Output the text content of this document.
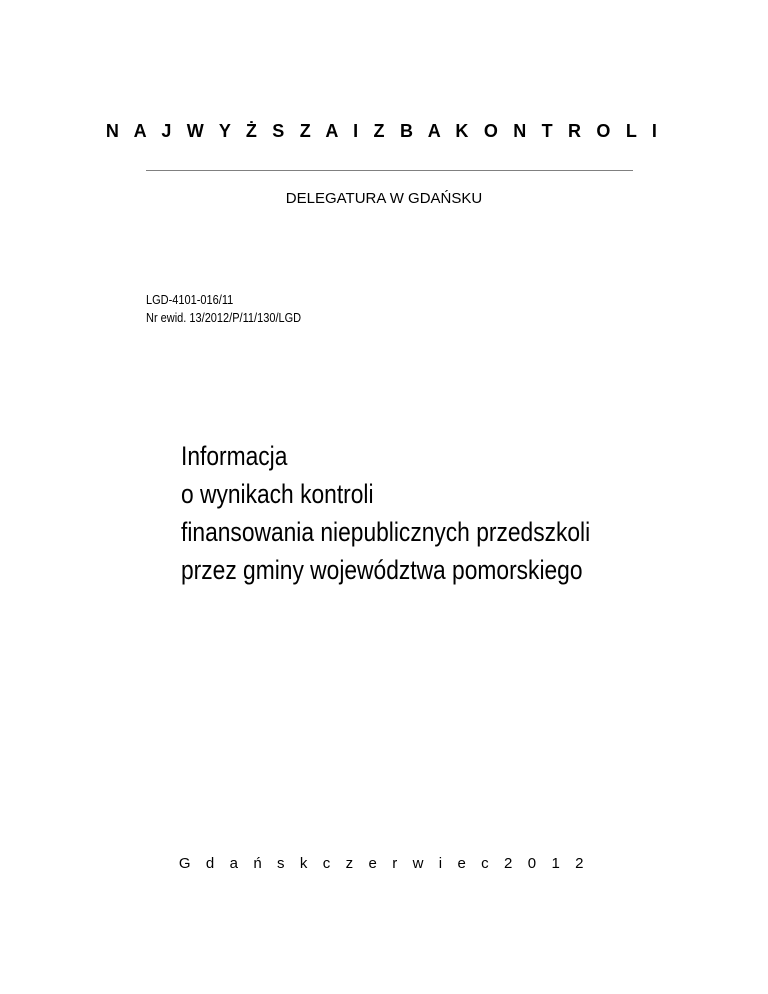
N A J W Y Ż S Z A I Z B A K O N T R O L I
DELEGATURA W GDAŃSKU
LGD-4101-016/11
Nr ewid. 13/2012/P/11/130/LGD
Informacja
o wynikach kontroli
finansowania niepublicznych przedszkoli
przez gminy województwa pomorskiego
G d a ń s k c z e r w i e c 2 0 1 2
